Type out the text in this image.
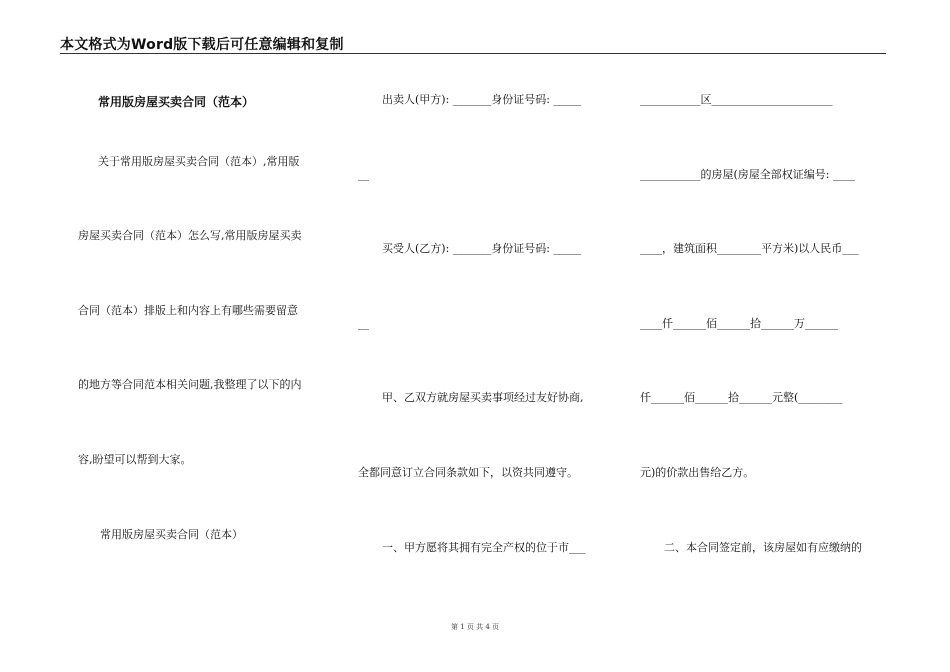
本文格式为Word版下载后可任意编辑和复制
常用版房屋买卖合同（范本）
关于常用版房屋买卖合同（范本）,常用版
房屋买卖合同（范本）怎么写,常用版房屋买卖
合同（范本）排版上和内容上有哪些需要留意
的地方等合同范本相关问题,我整理了以下的内
容,盼望可以帮到大家。
常用版房屋买卖合同（范本）
出卖人(甲方): _______身份证号码: _____
__
买受人(乙方): _______身份证号码: _____
__
甲、乙双方就房屋买卖事项经过友好协商,
全都同意订立合同条款如下，以资共同遵守。
一、甲方愿将其拥有完全产权的位于市___
___________区______________________
___________的房屋(房屋全部权证编号: ____
____，建筑面积________平方米)以人民币___
____仟______佰______拾______万______
仟______佰______拾______元整(________
元)的价款出售给乙方。
二、本合同签定前，该房屋如有应缴纳的
第 1 页 共 4 页
